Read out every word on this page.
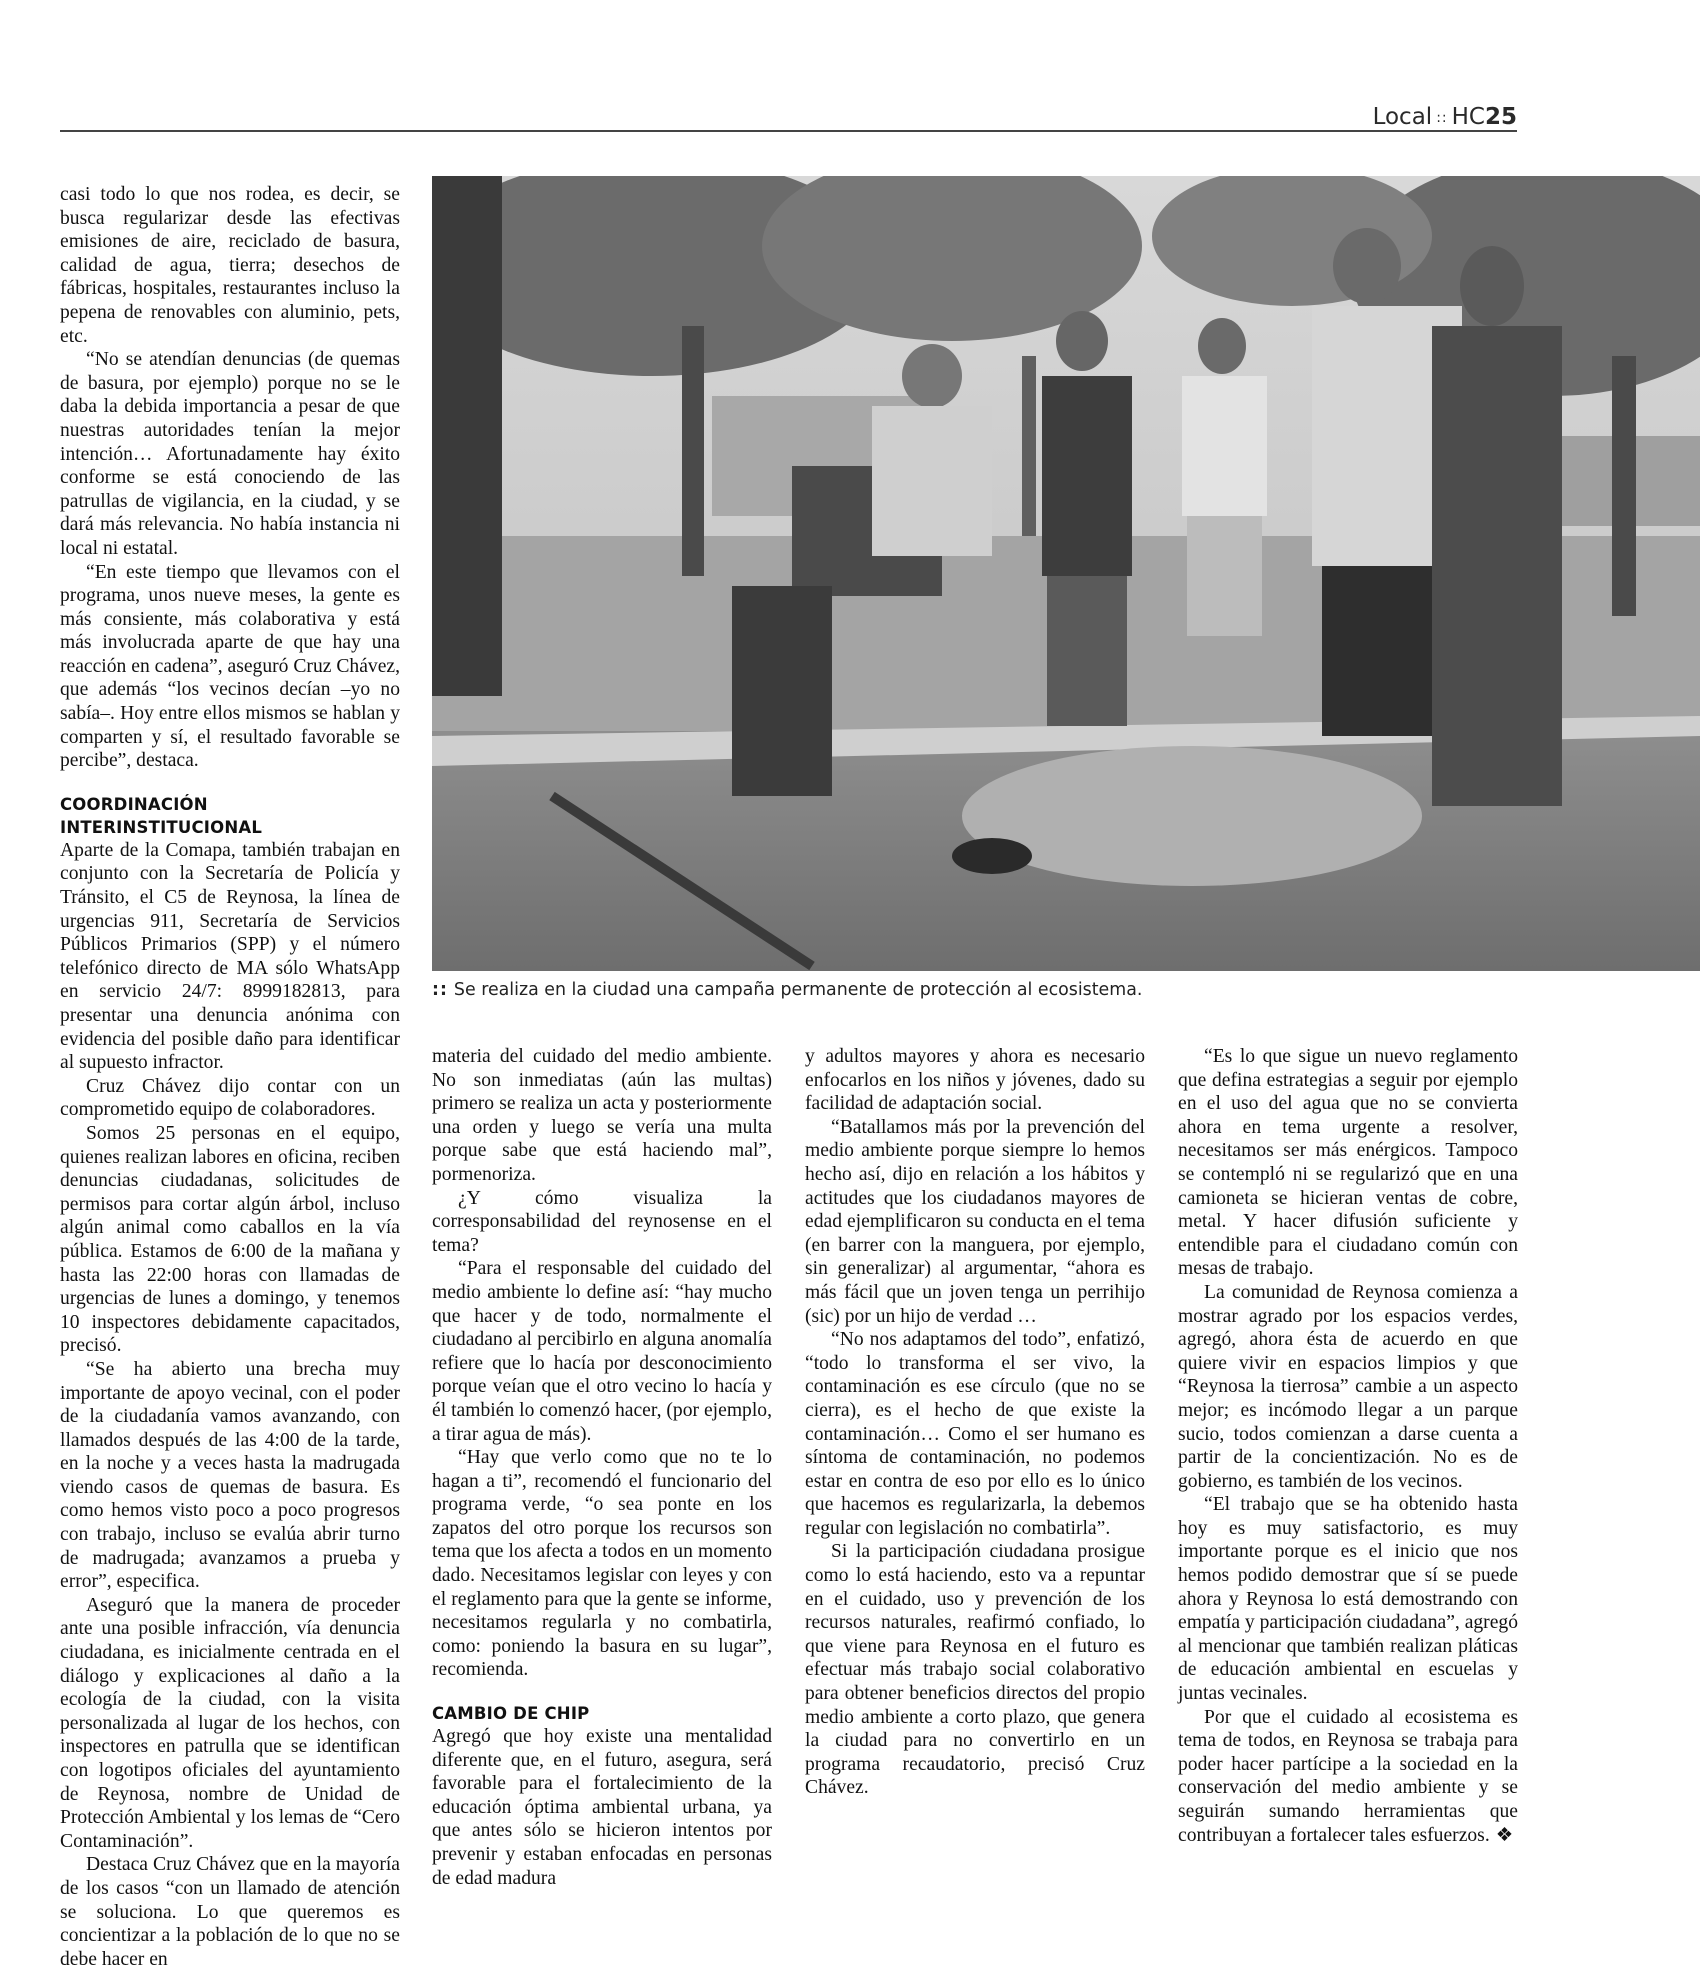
Local :: HC25

casi todo lo que nos rodea, es decir, se busca regularizar desde las efectivas emisiones de aire, reciclado de basura, calidad de agua, tierra; desechos de fábricas, hospitales, restaurantes incluso la pepena de renovables con aluminio, pets, etc.

“No se atendían denuncias (de quemas de basura, por ejemplo) porque no se le daba la debida importancia a pesar de que nuestras autoridades tenían la mejor intención… Afortunadamente hay éxito conforme se está conociendo de las patrullas de vigilancia, en la ciudad, y se dará más relevancia. No había instancia ni local ni estatal.

“En este tiempo que llevamos con el programa, unos nueve meses, la gente es más consiente, más colaborativa y está más involucrada aparte de que hay una reacción en cadena”, aseguró Cruz Chávez, que además “los vecinos decían –yo no sabía–. Hoy entre ellos mismos se hablan y comparten y sí, el resultado favorable se percibe”, destaca.

COORDINACIÓN INTERINSTITUCIONAL

Aparte de la Comapa, también trabajan en conjunto con la Secretaría de Policía y Tránsito, el C5 de Reynosa, la línea de urgencias 911, Secretaría de Servicios Públicos Primarios (SPP) y el número telefónico directo de MA sólo WhatsApp en servicio 24/7: 8999182813, para presentar una denuncia anónima con evidencia del posible daño para identificar al supuesto infractor.

Cruz Chávez dijo contar con un comprometido equipo de colaboradores.

Somos 25 personas en el equipo, quienes realizan labores en oficina, reciben denuncias ciudadanas, solicitudes de permisos para cortar algún árbol, incluso algún animal como caballos en la vía pública. Estamos de 6:00 de la mañana y hasta las 22:00 horas con llamadas de urgencias de lunes a domingo, y tenemos 10 inspectores debidamente capacitados, precisó.

“Se ha abierto una brecha muy importante de apoyo vecinal, con el poder de la ciudadanía vamos avanzando, con llamados después de las 4:00 de la tarde, en la noche y a veces hasta la madrugada viendo casos de quemas de basura. Es como hemos visto poco a poco progresos con trabajo, incluso se evalúa abrir turno de madrugada; avanzamos a prueba y error”, especifica.

Aseguró que la manera de proceder ante una posible infracción, vía denuncia ciudadana, es inicialmente centrada en el diálogo y explicaciones al daño a la ecología de la ciudad, con la visita personalizada al lugar de los hechos, con inspectores en patrulla que se identifican con logotipos oficiales del ayuntamiento de Reynosa, nombre de Unidad de Protección Ambiental y los lemas de “Cero Contaminación”.

Destaca Cruz Chávez que en la mayoría de los casos “con un llamado de atención se soluciona. Lo que queremos es concientizar a la población de lo que no se debe hacer en

:: Se realiza en la ciudad una campaña permanente de protección al ecosistema.

materia del cuidado del medio ambiente. No son inmediatas (aún las multas) primero se realiza un acta y posteriormente una orden y luego se vería una multa porque sabe que está haciendo mal”, pormenoriza.

¿Y cómo visualiza la corresponsabilidad del reynosense en el tema?

“Para el responsable del cuidado del medio ambiente lo define así: “hay mucho que hacer y de todo, normalmente el ciudadano al percibirlo en alguna anomalía refiere que lo hacía por desconocimiento porque veían que el otro vecino lo hacía y él también lo comenzó hacer, (por ejemplo, a tirar agua de más).

“Hay que verlo como que no te lo hagan a ti”, recomendó el funcionario del programa verde, “o sea ponte en los zapatos del otro porque los recursos son tema que los afecta a todos en un momento dado. Necesitamos legislar con leyes y con el reglamento para que la gente se informe, necesitamos regularla y no combatirla, como: poniendo la basura en su lugar”, recomienda.

CAMBIO DE CHIP

Agregó que hoy existe una mentalidad diferente que, en el futuro, asegura, será favorable para el fortalecimiento de la educación óptima ambiental urbana, ya que antes sólo se hicieron intentos por prevenir y estaban enfocadas en personas de edad madura

y adultos mayores y ahora es necesario enfocarlos en los niños y jóvenes, dado su facilidad de adaptación social.

“Batallamos más por la prevención del medio ambiente porque siempre lo hemos hecho así, dijo en relación a los hábitos y actitudes que los ciudadanos mayores de edad ejemplificaron su conducta en el tema (en barrer con la manguera, por ejemplo, sin generalizar) al argumentar, “ahora es más fácil que un joven tenga un perrihijo (sic) por un hijo de verdad …

“No nos adaptamos del todo”, enfatizó, “todo lo transforma el ser vivo, la contaminación es ese círculo (que no se cierra), es el hecho de que existe la contaminación… Como el ser humano es síntoma de contaminación, no podemos estar en contra de eso por ello es lo único que hacemos es regularizarla, la debemos regular con legislación no combatirla”.

Si la participación ciudadana prosigue como lo está haciendo, esto va a repuntar en el cuidado, uso y prevención de los recursos naturales, reafirmó confiado, lo que viene para Reynosa en el futuro es efectuar más trabajo social colaborativo para obtener beneficios directos del propio medio ambiente a corto plazo, que genera la ciudad para no convertirlo en un programa recaudatorio, precisó Cruz Chávez.

“Es lo que sigue un nuevo reglamento que defina estrategias a seguir por ejemplo en el uso del agua que no se convierta ahora en tema urgente a resolver, necesitamos ser más enérgicos. Tampoco se contempló ni se regularizó que en una camioneta se hicieran ventas de cobre, metal. Y hacer difusión suficiente y entendible para el ciudadano común con mesas de trabajo.

La comunidad de Reynosa comienza a mostrar agrado por los espacios verdes, agregó, ahora ésta de acuerdo en que quiere vivir en espacios limpios y que “Reynosa la tierrosa” cambie a un aspecto mejor; es incómodo llegar a un parque sucio, todos comienzan a darse cuenta a partir de la concientización. No es de gobierno, es también de los vecinos.

“El trabajo que se ha obtenido hasta hoy es muy satisfactorio, es muy importante porque es el inicio que nos hemos podido demostrar que sí se puede ahora y Reynosa lo está demostrando con empatía y participación ciudadana”, agregó al mencionar que también realizan pláticas de educación ambiental en escuelas y juntas vecinales.

Por que el cuidado al ecosistema es tema de todos, en Reynosa se trabaja para poder hacer partícipe a la sociedad en la conservación del medio ambiente y se seguirán sumando herramientas que contribuyan a fortalecer tales esfuerzos. ❖
